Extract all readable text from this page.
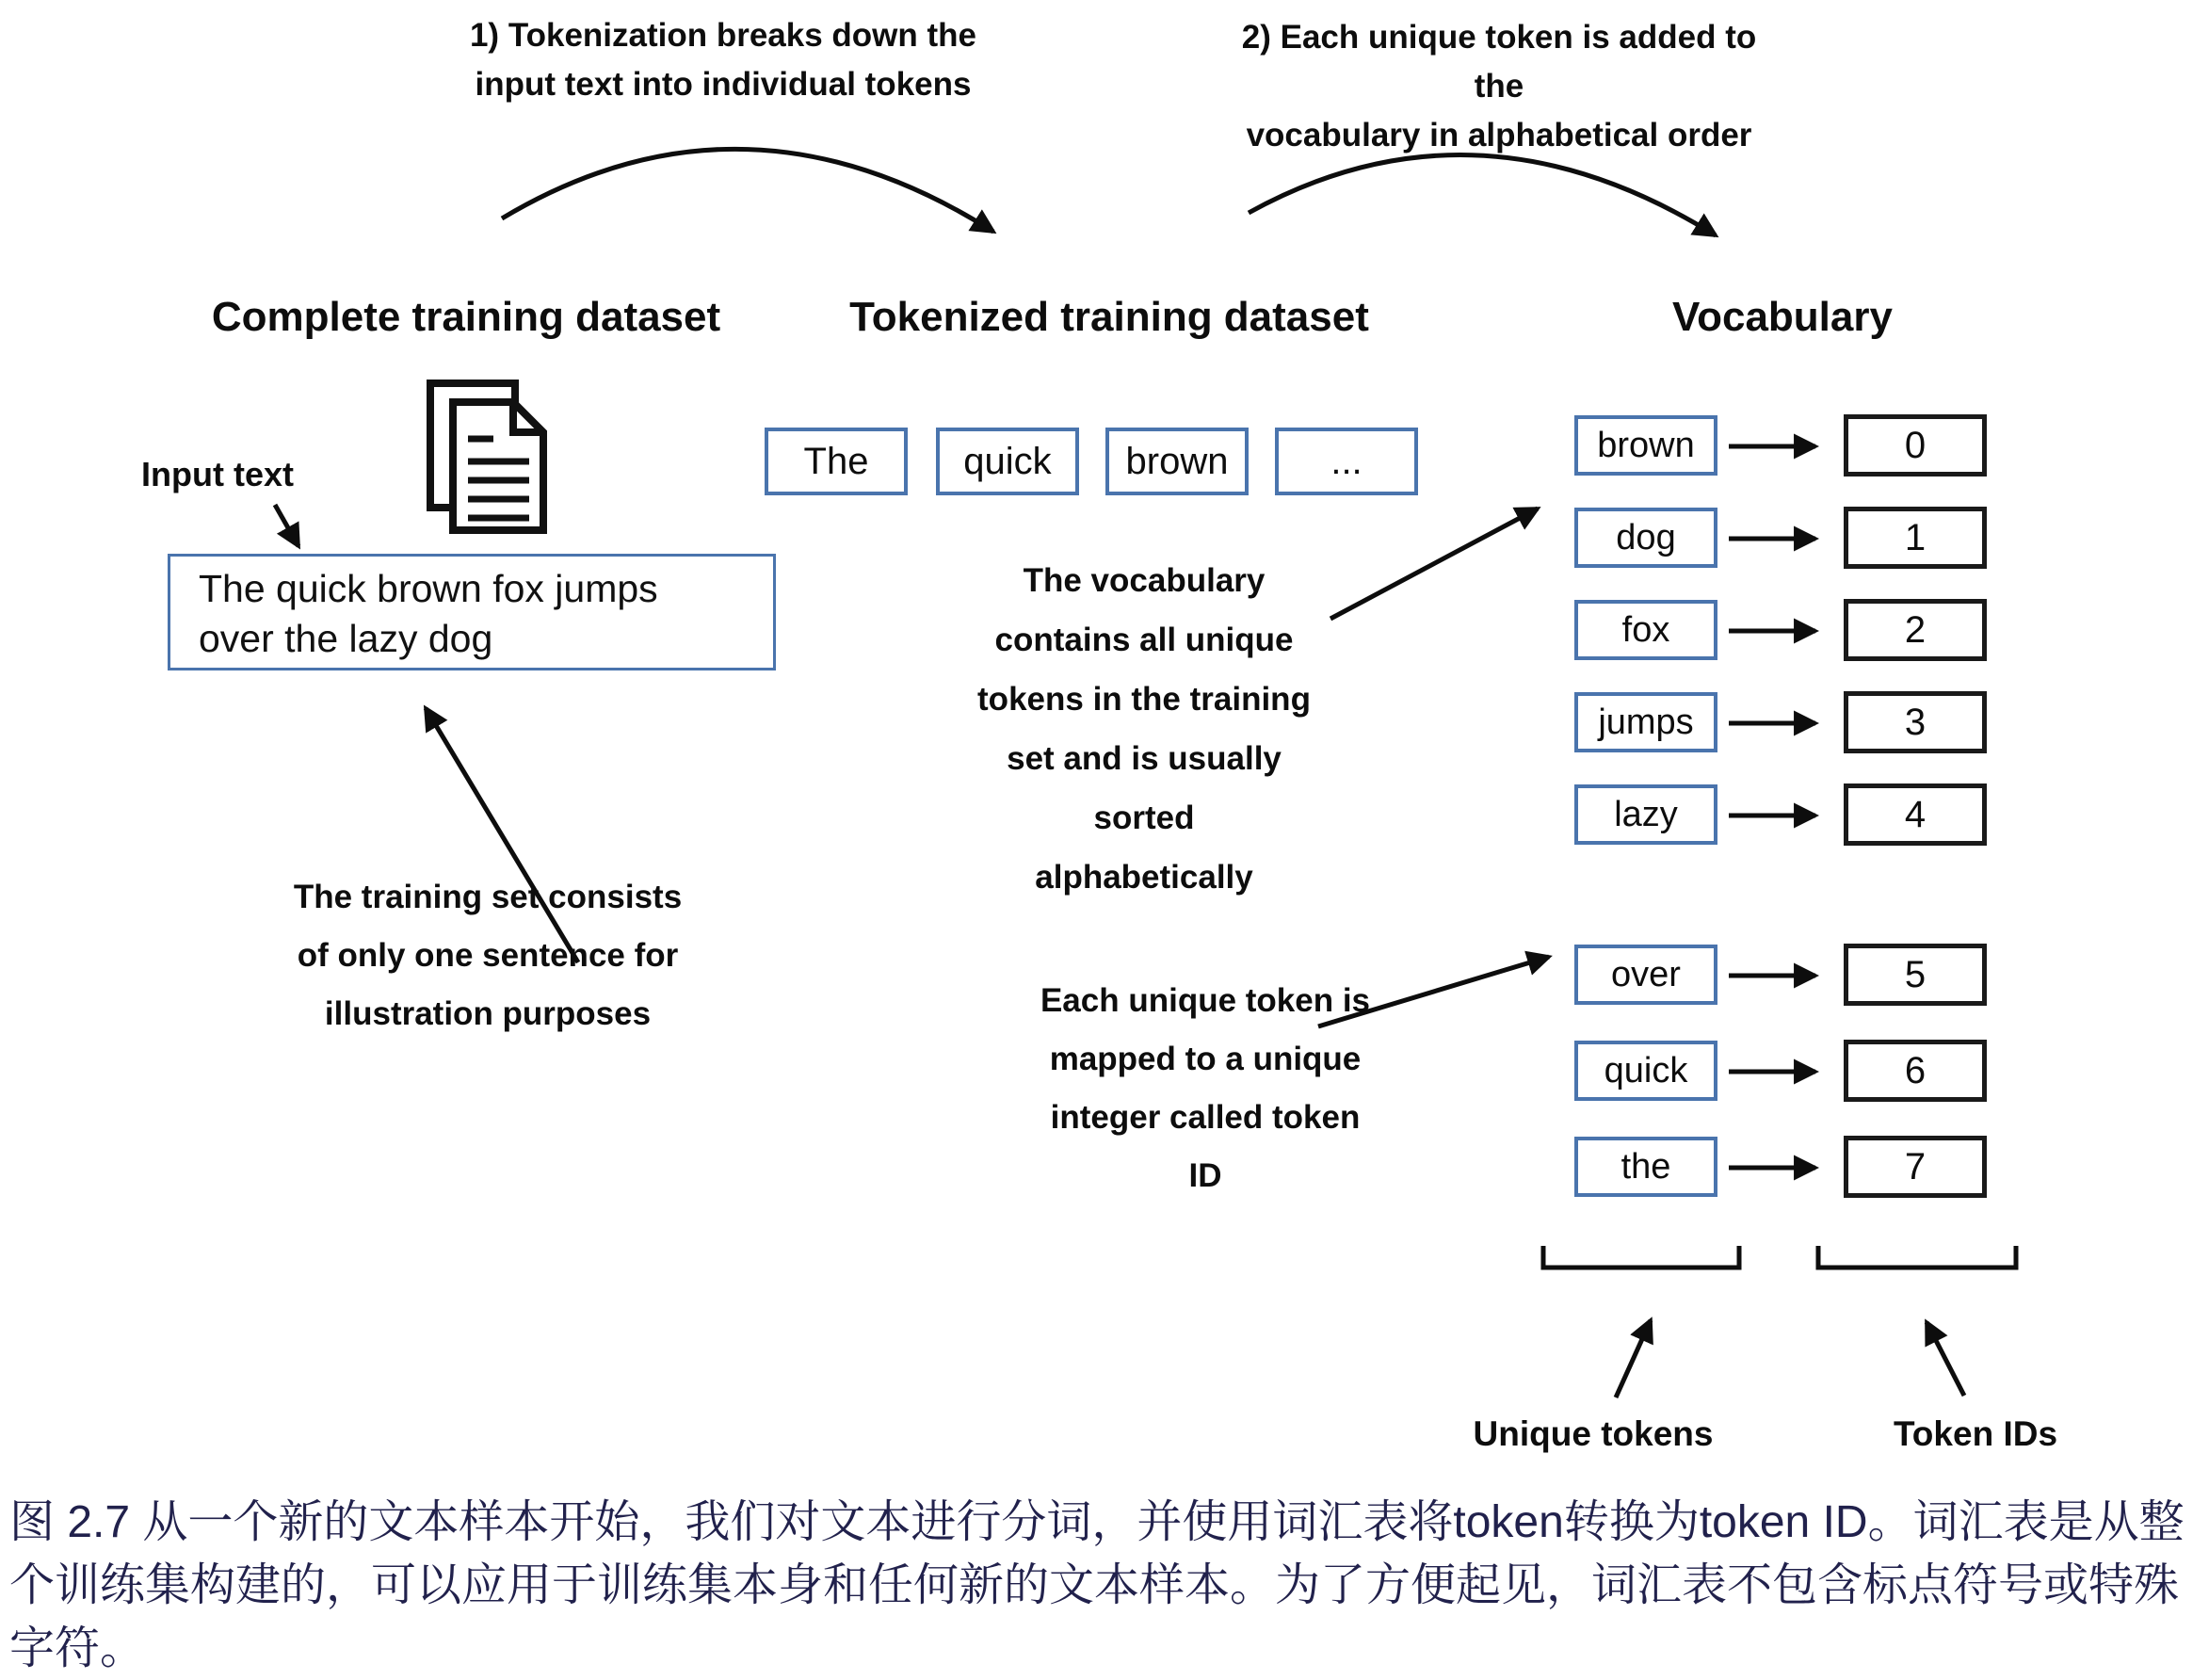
1) Tokenization breaks down the
input text into individual tokens
2) Each unique token is added to the
vocabulary in alphabetical order
Complete training dataset	Tokenized training dataset	Vocabulary
Input text
The quick brown fox jumps
over the lazy dog
The training set consists
of only one sentence for
illustration purposes
The	quick	brown	...
The vocabulary
contains all unique
tokens in the training
set and is usually
sorted
alphabetically
Each unique token is
mapped to a unique
integer called token
ID
brown	0
dog	1
fox	2
jumps	3
lazy	4
over	5
quick	6
the	7
Unique tokens	Token IDs
图 2.7 从一个新的文本样本开始，我们对文本进行分词，并使用词汇表将token转换为token ID。词汇表是从整
个训练集构建的，可以应用于训练集本身和任何新的文本样本。为了方便起见，词汇表不包含标点符号或特殊
字符。
